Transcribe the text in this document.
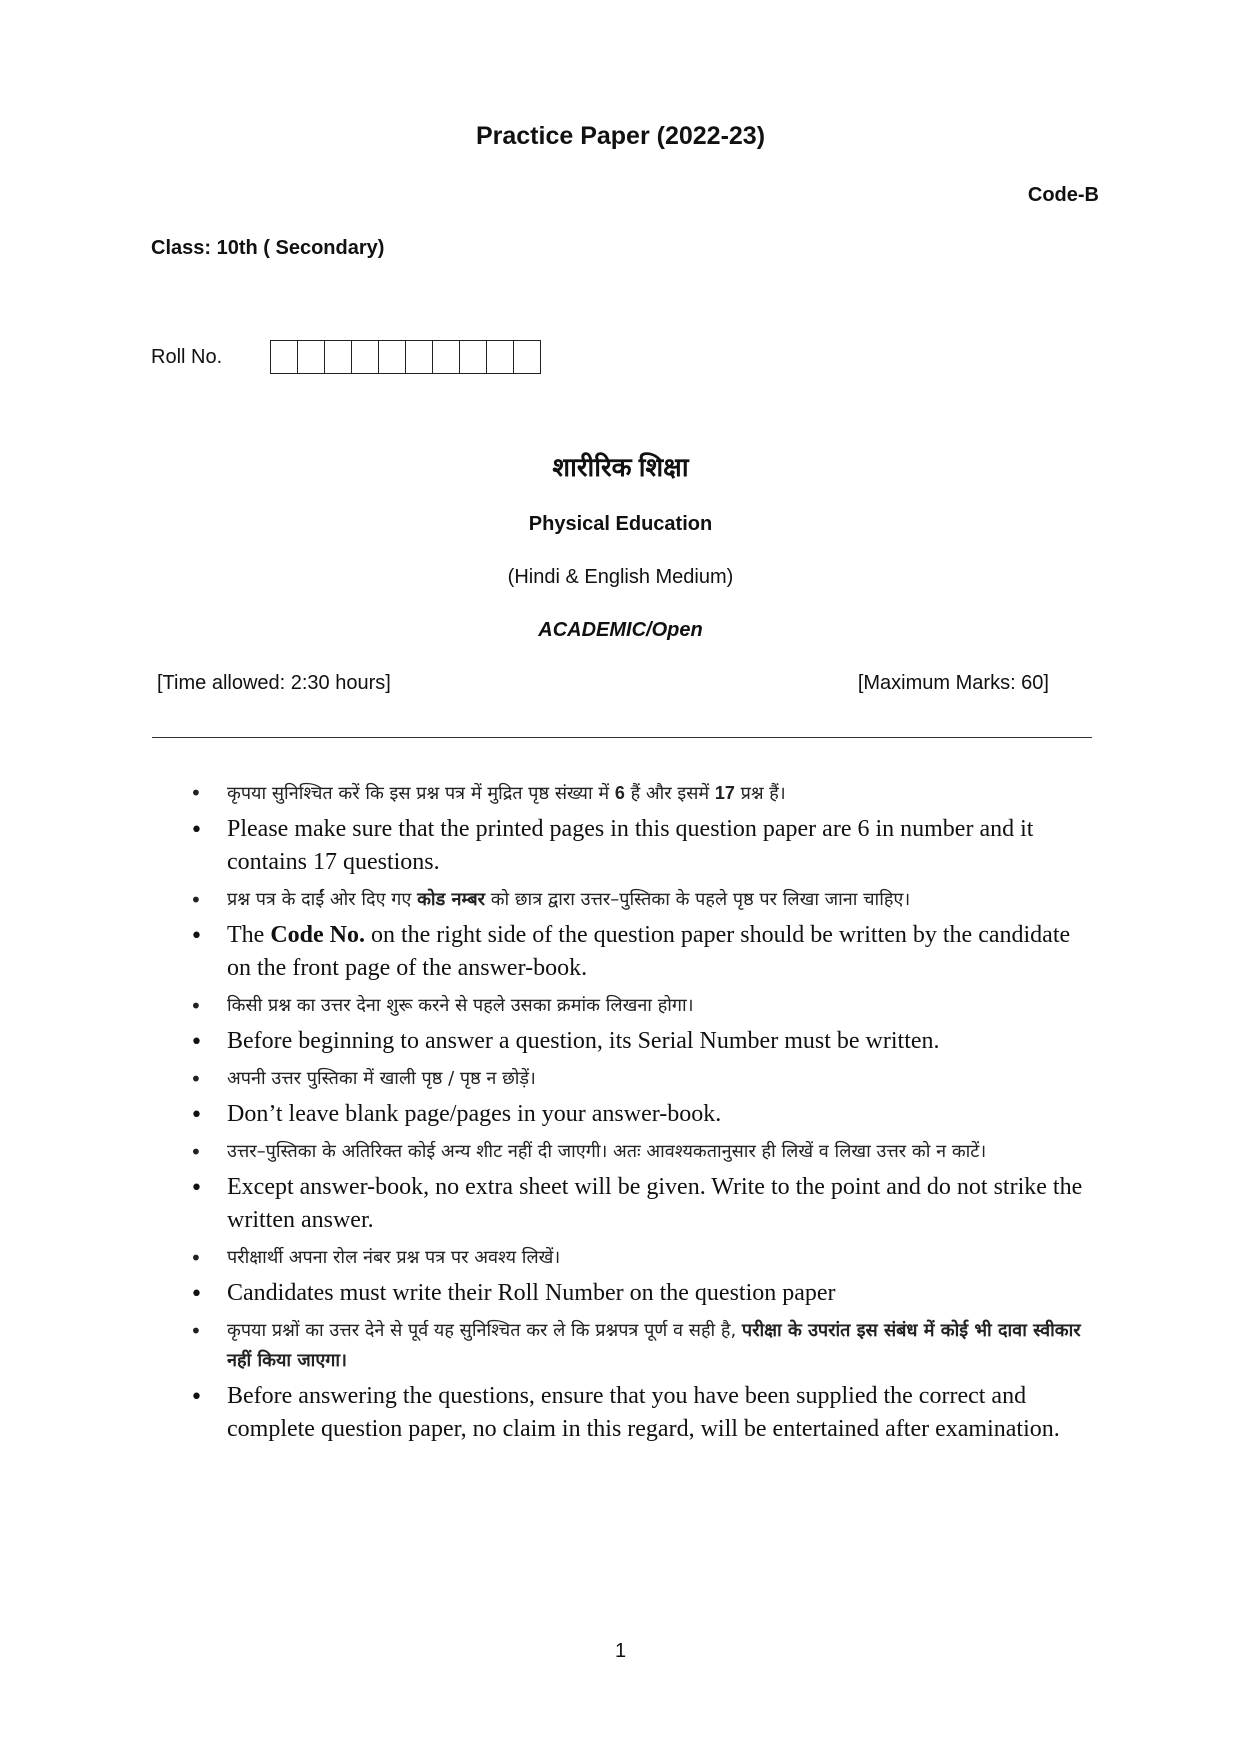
Practice Paper (2022-23)
Code-B
Class: 10th ( Secondary)
Roll No.
शारीरिक शिक्षा
Physical Education
(Hindi & English Medium)
ACADEMIC/Open
[Time allowed: 2:30 hours]	[Maximum Marks: 60]
• कृपया सुनिश्चित करें कि इस प्रश्न पत्र में मुद्रित पृष्ठ संख्या में 6 हैं और इसमें 17 प्रश्न हैं।
• Please make sure that the printed pages in this question paper are 6 in number and it contains 17 questions.
• प्रश्न पत्र के दाईं ओर दिए गए कोड नम्बर को छात्र द्वारा उत्तर–पुस्तिका के पहले पृष्ठ पर लिखा जाना चाहिए।
• The Code No. on the right side of the question paper should be written by the candidate on the front page of the answer-book.
• किसी प्रश्न का उत्तर देना शुरू करने से पहले उसका क्रमांक लिखना होगा।
• Before beginning to answer a question, its Serial Number must be written.
• अपनी उत्तर पुस्तिका में खाली पृष्ठ / पृष्ठ न छोड़ें।
• Don’t leave blank page/pages in your answer-book.
• उत्तर–पुस्तिका के अतिरिक्त कोई अन्य शीट नहीं दी जाएगी। अतः आवश्यकतानुसार ही लिखें व लिखा उत्तर को न काटें।
• Except answer-book, no extra sheet will be given. Write to the point and do not strike the written answer.
• परीक्षार्थी अपना रोल नंबर प्रश्न पत्र पर अवश्य लिखें।
• Candidates must write their Roll Number on the question paper
• कृपया प्रश्नों का उत्तर देने से पूर्व यह सुनिश्चित कर ले कि प्रश्नपत्र पूर्ण व सही है, परीक्षा के उपरांत इस संबंध में कोई भी दावा स्वीकार नहीं किया जाएगा।
• Before answering the questions, ensure that you have been supplied the correct and complete question paper, no claim in this regard, will be entertained after examination.
1
